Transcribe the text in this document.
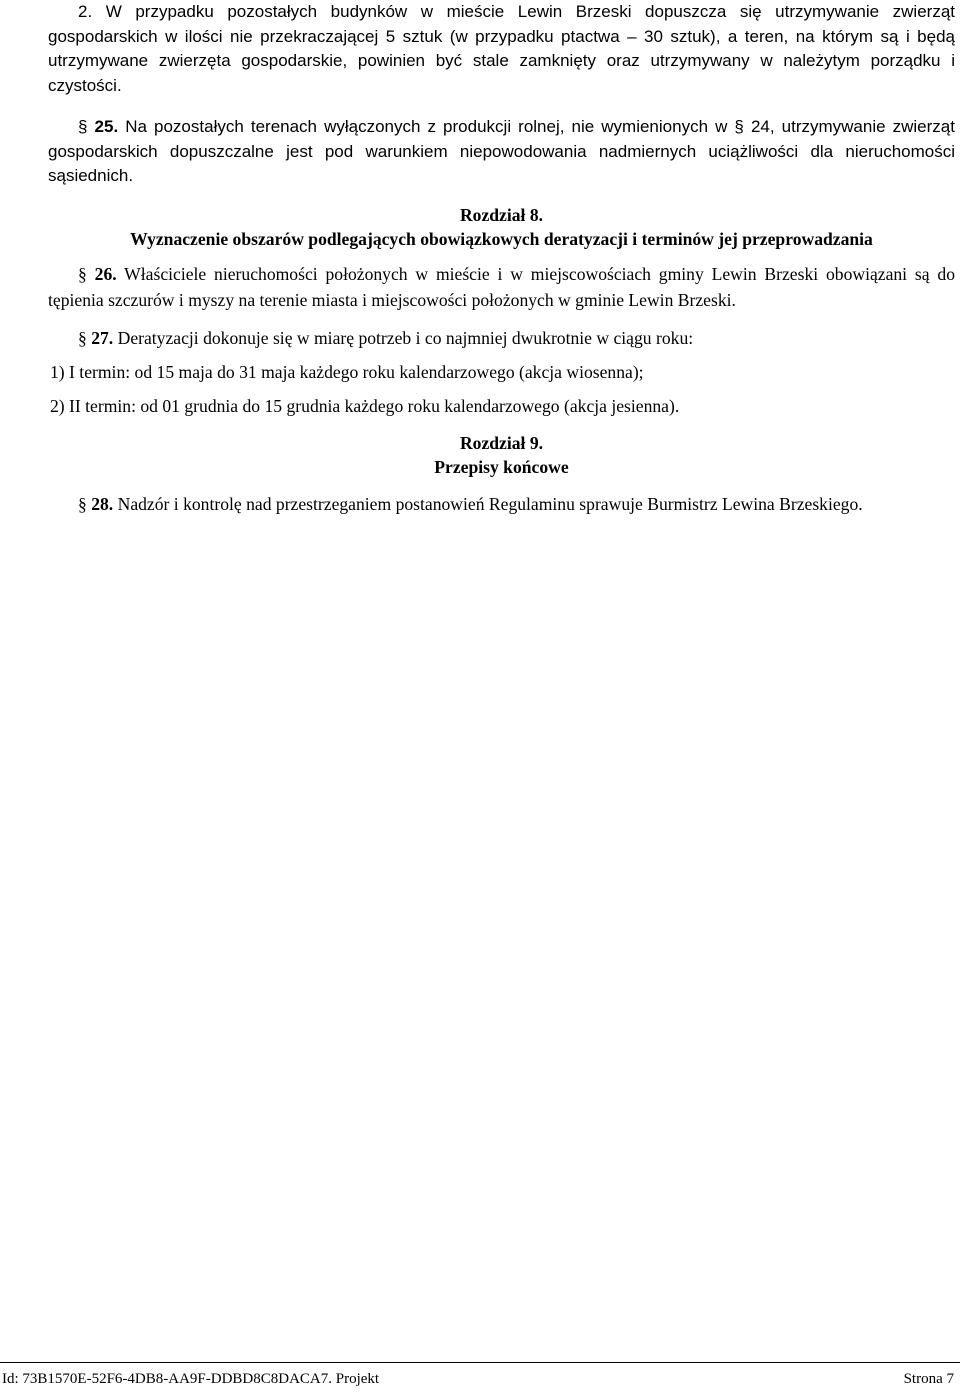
2. W przypadku pozostałych budynków w mieście Lewin Brzeski dopuszcza się utrzymywanie zwierząt gospodarskich w ilości nie przekraczającej 5 sztuk (w przypadku ptactwa – 30 sztuk), a teren, na którym są i będą utrzymywane zwierzęta gospodarskie, powinien być stale zamknięty oraz utrzymywany w należytym porządku i czystości.

§ 25. Na pozostałych terenach wyłączonych z produkcji rolnej, nie wymienionych w § 24, utrzymywanie zwierząt gospodarskich dopuszczalne jest pod warunkiem niepowodowania nadmiernych uciążliwości dla nieruchomości sąsiednich.

Rozdział 8.

Wyznaczenie obszarów podlegających obowiązkowych deratyzacji i terminów jej przeprowadzania

§ 26. Właściciele nieruchomości położonych w mieście i w miejscowościach gminy Lewin Brzeski obowiązani są do tępienia szczurów i myszy na terenie miasta i miejscowości położonych w gminie Lewin Brzeski.

§ 27. Deratyzacji dokonuje się w miarę potrzeb i co najmniej dwukrotnie w ciągu roku:

1) I termin: od 15 maja do 31 maja każdego roku kalendarzowego (akcja wiosenna);

2) II termin: od 01 grudnia do 15 grudnia każdego roku kalendarzowego (akcja jesienna).

Rozdział 9.

Przepisy końcowe

§ 28. Nadzór i kontrolę nad przestrzeganiem postanowień Regulaminu sprawuje Burmistrz Lewina Brzeskiego.

Id: 73B1570E-52F6-4DB8-AA9F-DDBD8C8DACA7. Projekt	Strona 7
